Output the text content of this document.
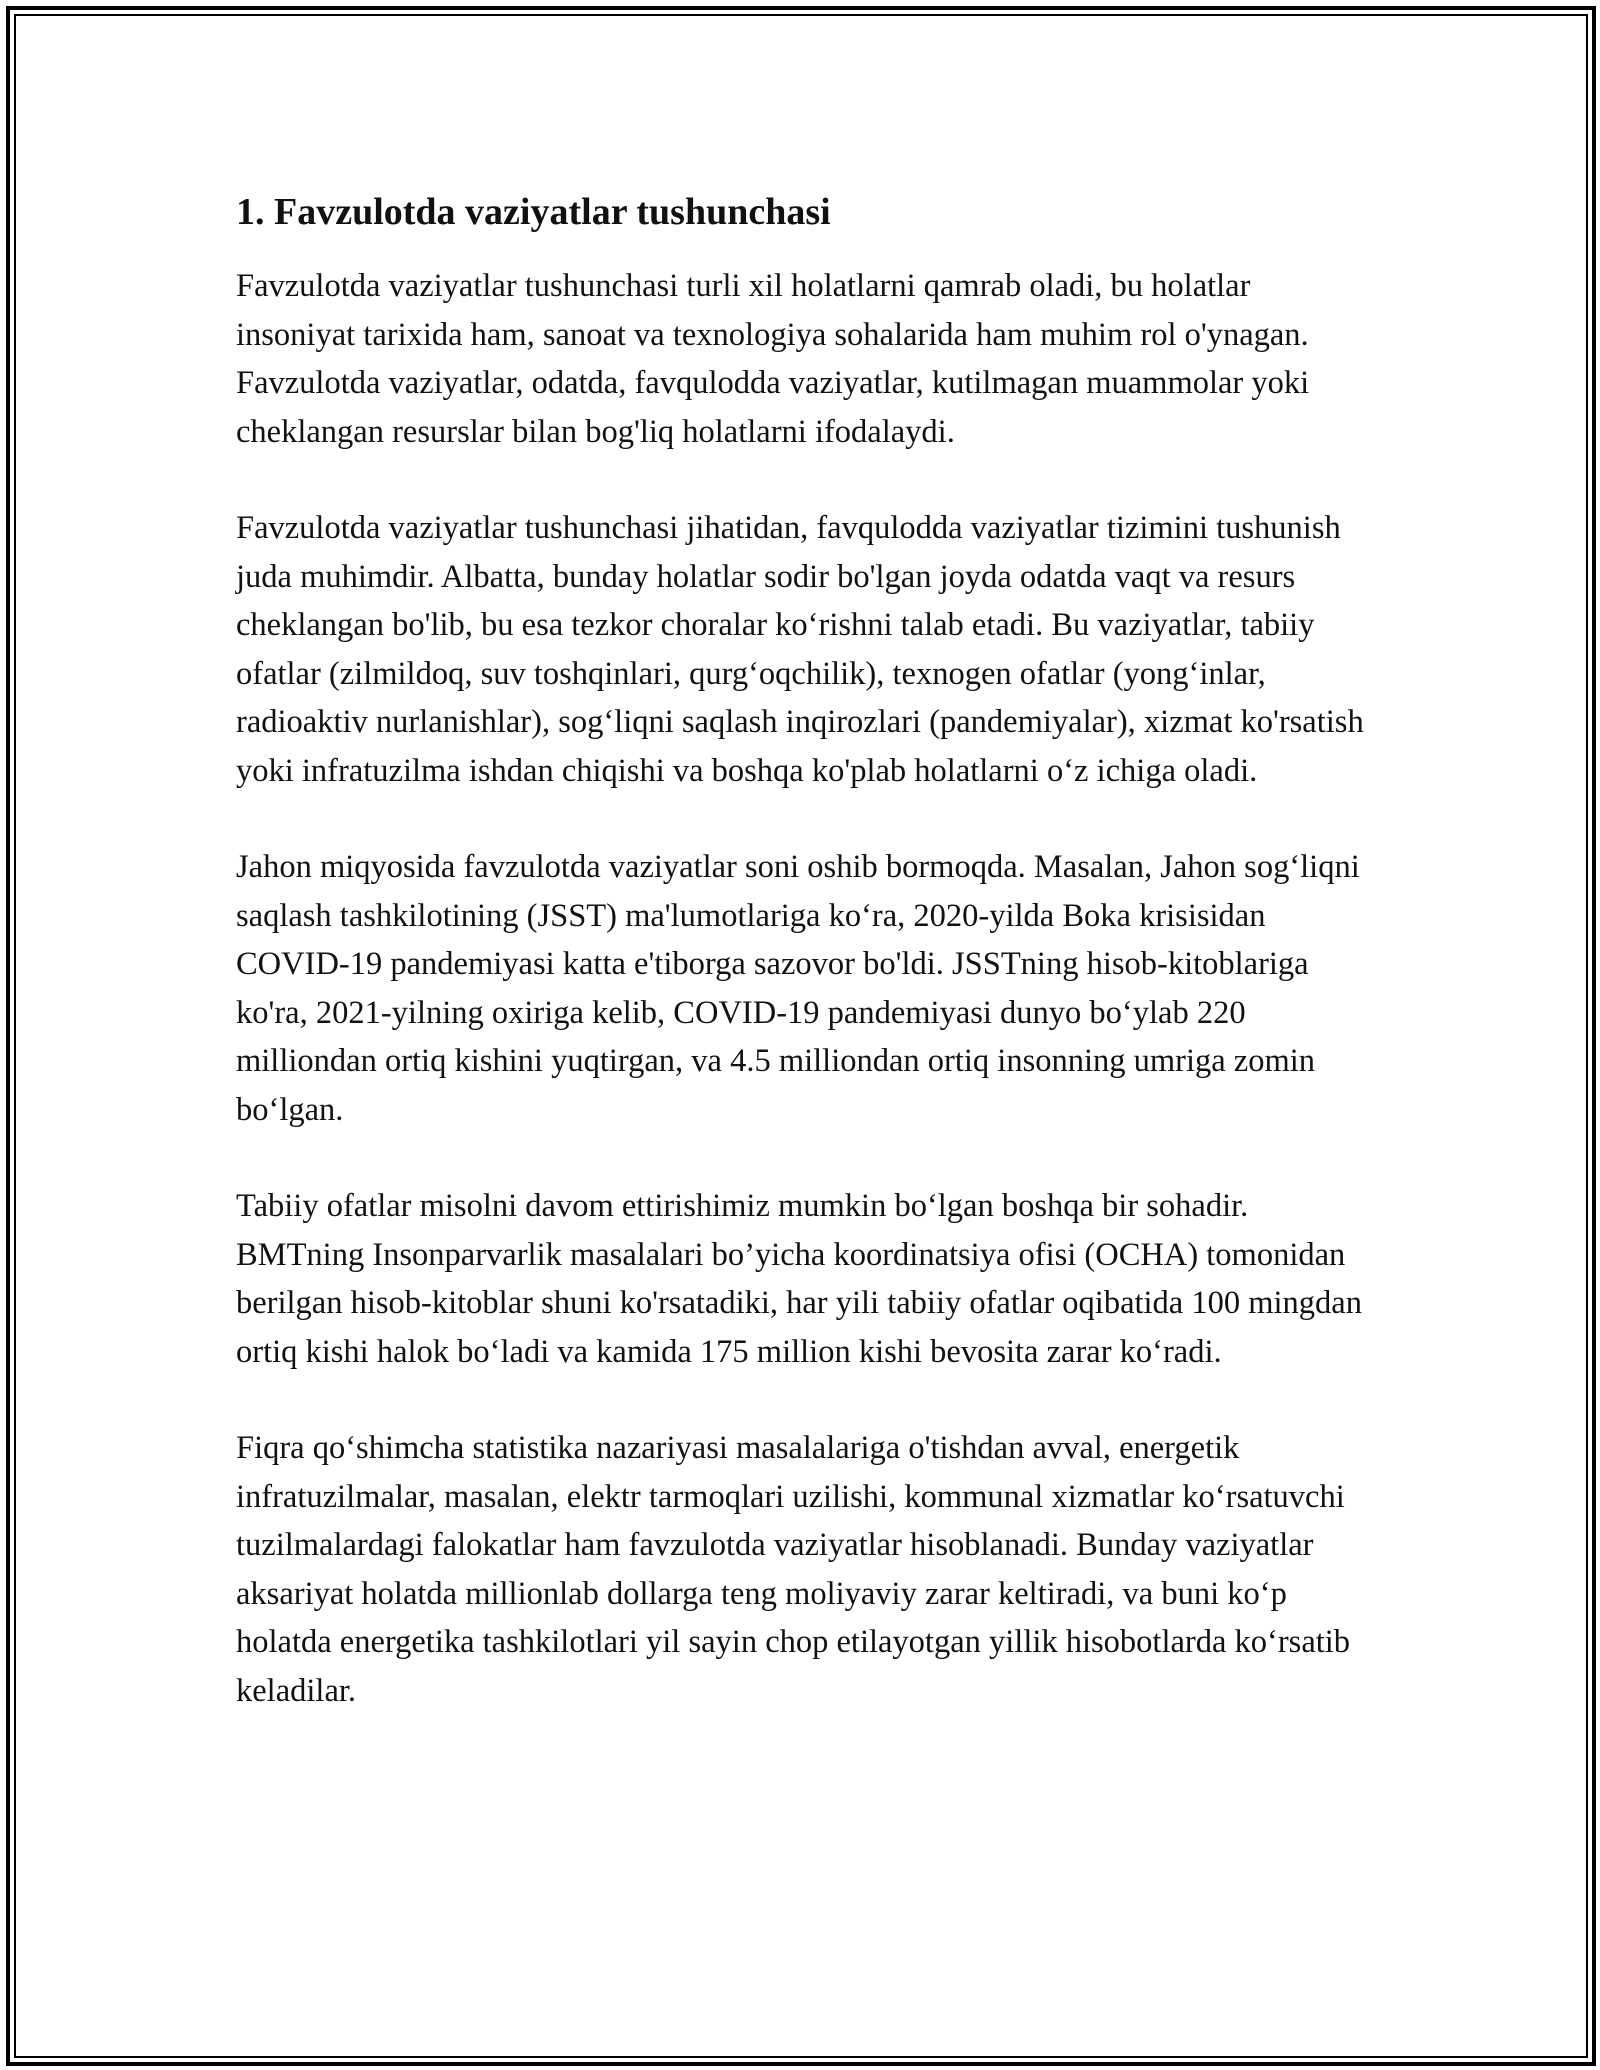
1. Favzulotda vaziyatlar tushunchasi

Favzulotda vaziyatlar tushunchasi turli xil holatlarni qamrab oladi, bu holatlar insoniyat tarixida ham, sanoat va texnologiya sohalarida ham muhim rol o'ynagan. Favzulotda vaziyatlar, odatda, favqulodda vaziyatlar, kutilmagan muammolar yoki cheklangan resurslar bilan bog'liq holatlarni ifodalaydi.

Favzulotda vaziyatlar tushunchasi jihatidan, favqulodda vaziyatlar tizimini tushunish juda muhimdir. Albatta, bunday holatlar sodir bo'lgan joyda odatda vaqt va resurs cheklangan bo'lib, bu esa tezkor choralar koʻrishni talab etadi. Bu vaziyatlar, tabiiy ofatlar (zilmildoq, suv toshqinlari, qurgʻoqchilik), texnogen ofatlar (yongʻinlar, radioaktiv nurlanishlar), sogʻliqni saqlash inqirozlari (pandemiyalar), xizmat ko'rsatish yoki infratuzilma ishdan chiqishi va boshqa ko'plab holatlarni oʻz ichiga oladi.

Jahon miqyosida favzulotda vaziyatlar soni oshib bormoqda. Masalan, Jahon sogʻliqni saqlash tashkilotining (JSST) ma'lumotlariga koʻra, 2020-yilda Boka krisisidan COVID-19 pandemiyasi katta e'tiborga sazovor bo'ldi. JSSTning hisob-kitoblariga ko'ra, 2021-yilning oxiriga kelib, COVID-19 pandemiyasi dunyo boʻylab 220 milliondan ortiq kishini yuqtirgan, va 4.5 milliondan ortiq insonning umriga zomin boʻlgan.

Tabiiy ofatlar misolni davom ettirishimiz mumkin boʻlgan boshqa bir sohadir. BMTning Insonparvarlik masalalari bo’yicha koordinatsiya ofisi (OCHA) tomonidan berilgan hisob-kitoblar shuni ko'rsatadiki, har yili tabiiy ofatlar oqibatida 100 mingdan ortiq kishi halok boʻladi va kamida 175 million kishi bevosita zarar koʻradi.

Fiqra qoʻshimcha statistika nazariyasi masalalariga o'tishdan avval, energetik infratuzilmalar, masalan, elektr tarmoqlari uzilishi, kommunal xizmatlar koʻrsatuvchi tuzilmalardagi falokatlar ham favzulotda vaziyatlar hisoblanadi. Bunday vaziyatlar aksariyat holatda millionlab dollarga teng moliyaviy zarar keltiradi, va buni koʻp holatda energetika tashkilotlari yil sayin chop etilayotgan yillik hisobotlarda koʻrsatib keladilar.
